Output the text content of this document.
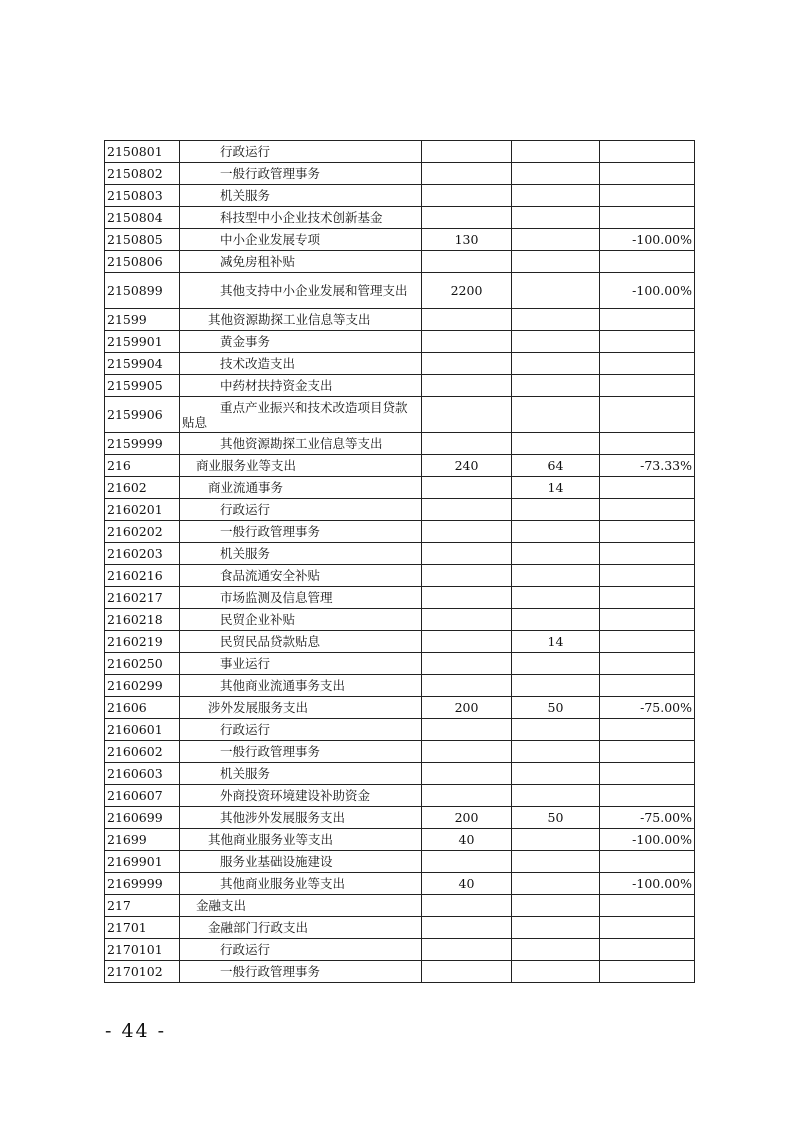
2150801	行政运行			

2150802	一般行政管理事务			

2150803	机关服务			

2150804	科技型中小企业技术创新基金			

2150805	中小企业发展专项	130		-100.00%
2150806	减免房租补贴			

2150899	其他支持中小企业发展和管理支出	2200		-100.00%
21599	其他资源勘探工业信息等支出			

2159901	黄金事务			

2159904	技术改造支出			

2159905	中药材扶持资金支出			

2159906	重点产业振兴和技术改造项目贷款贴息			

2159999	其他资源勘探工业信息等支出			

216	商业服务业等支出	240	64	-73.33%
21602	商业流通事务		14	
2160201	行政运行			

2160202	一般行政管理事务			

2160203	机关服务			

2160216	食品流通安全补贴			

2160217	市场监测及信息管理			

2160218	民贸企业补贴			

2160219	民贸民品贷款贴息		14	
2160250	事业运行			

2160299	其他商业流通事务支出			

21606	涉外发展服务支出	200	50	-75.00%
2160601	行政运行			

2160602	一般行政管理事务			

2160603	机关服务			

2160607	外商投资环境建设补助资金			

2160699	其他涉外发展服务支出	200	50	-75.00%
21699	其他商业服务业等支出	40		-100.00%
2169901	服务业基础设施建设			

2169999	其他商业服务业等支出	40		-100.00%
217	金融支出			

21701	金融部门行政支出			

2170101	行政运行			

2170102	一般行政管理事务			

- 44 -
